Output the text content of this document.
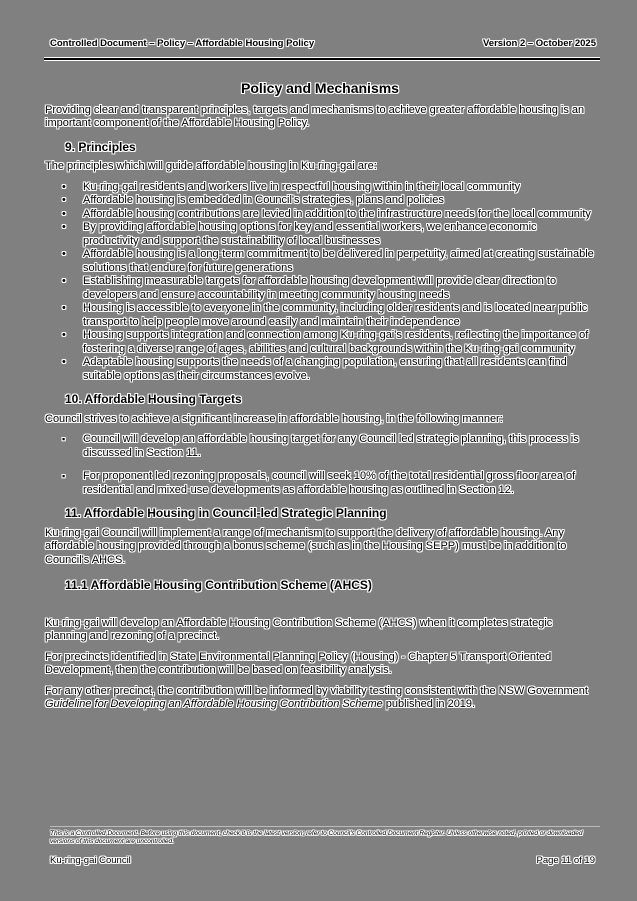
Controlled Document – Policy – Affordable Housing Policy	Version 2 – October 2025
Policy and Mechanisms

Providing clear and transparent principles, targets and mechanisms to achieve greater affordable housing is an important component of the Affordable Housing Policy.

9. Principles

The principles which will guide affordable housing in Ku-ring-gai are:

• Ku-ring-gai residents and workers live in respectful housing within in their local community
• Affordable housing is embedded in Council's strategies, plans and policies
• Affordable housing contributions are levied in addition to the infrastructure needs for the local community
• By providing affordable housing options for key and essential workers, we enhance economic productivity and support the sustainability of local businesses
• Affordable housing is a long-term commitment to be delivered in perpetuity, aimed at creating sustainable solutions that endure for future generations
• Establishing measurable targets for affordable housing development will provide clear direction to developers and ensure accountability in meeting community housing needs
• Housing is accessible to everyone in the community, including older residents and is located near public transport to help people move around easily and maintain their independence
• Housing supports integration and connection among Ku-ring-gai's residents, reflecting the importance of fostering a diverse range of ages, abilities and cultural backgrounds within the Ku-ring-gai community
• Adaptable housing supports the needs of a changing population, ensuring that all residents can find suitable options as their circumstances evolve.
10. Affordable Housing Targets

Council strives to achieve a significant increase in affordable housing, in the following manner:

▪ Council will develop an affordable housing target for any Council led strategic planning, this process is discussed in Section 11.
▪ For proponent led rezoning proposals, council will seek 10% of the total residential gross floor area of residential and mixed-use developments as affordable housing as outlined in Section 12.
11. Affordable Housing in Council-led Strategic Planning

Ku-ring-gai Council will implement a range of mechanism to support the delivery of affordable housing. Any affordable housing provided through a bonus scheme (such as in the Housing SEPP) must be in addition to Council's AHCS.

11.1 Affordable Housing Contribution Scheme (AHCS)

Ku-ring-gai will develop an Affordable Housing Contribution Scheme (AHCS) when it completes strategic planning and rezoning of a precinct.

For precincts identified in State Environmental Planning Policy (Housing) - Chapter 5 Transport Oriented Development, then the contribution will be based on feasibility analysis.

For any other precinct, the contribution will be informed by viability testing consistent with the NSW Government Guideline for Developing an Affordable Housing Contribution Scheme published in 2019.

This is a Controlled Document. Before using this document, check it is the latest version; refer to Council's Controlled Document Register. Unless otherwise noted, printed or downloaded versions of this document are uncontrolled.
Ku-ring-gai Council	Page 11 of 19
